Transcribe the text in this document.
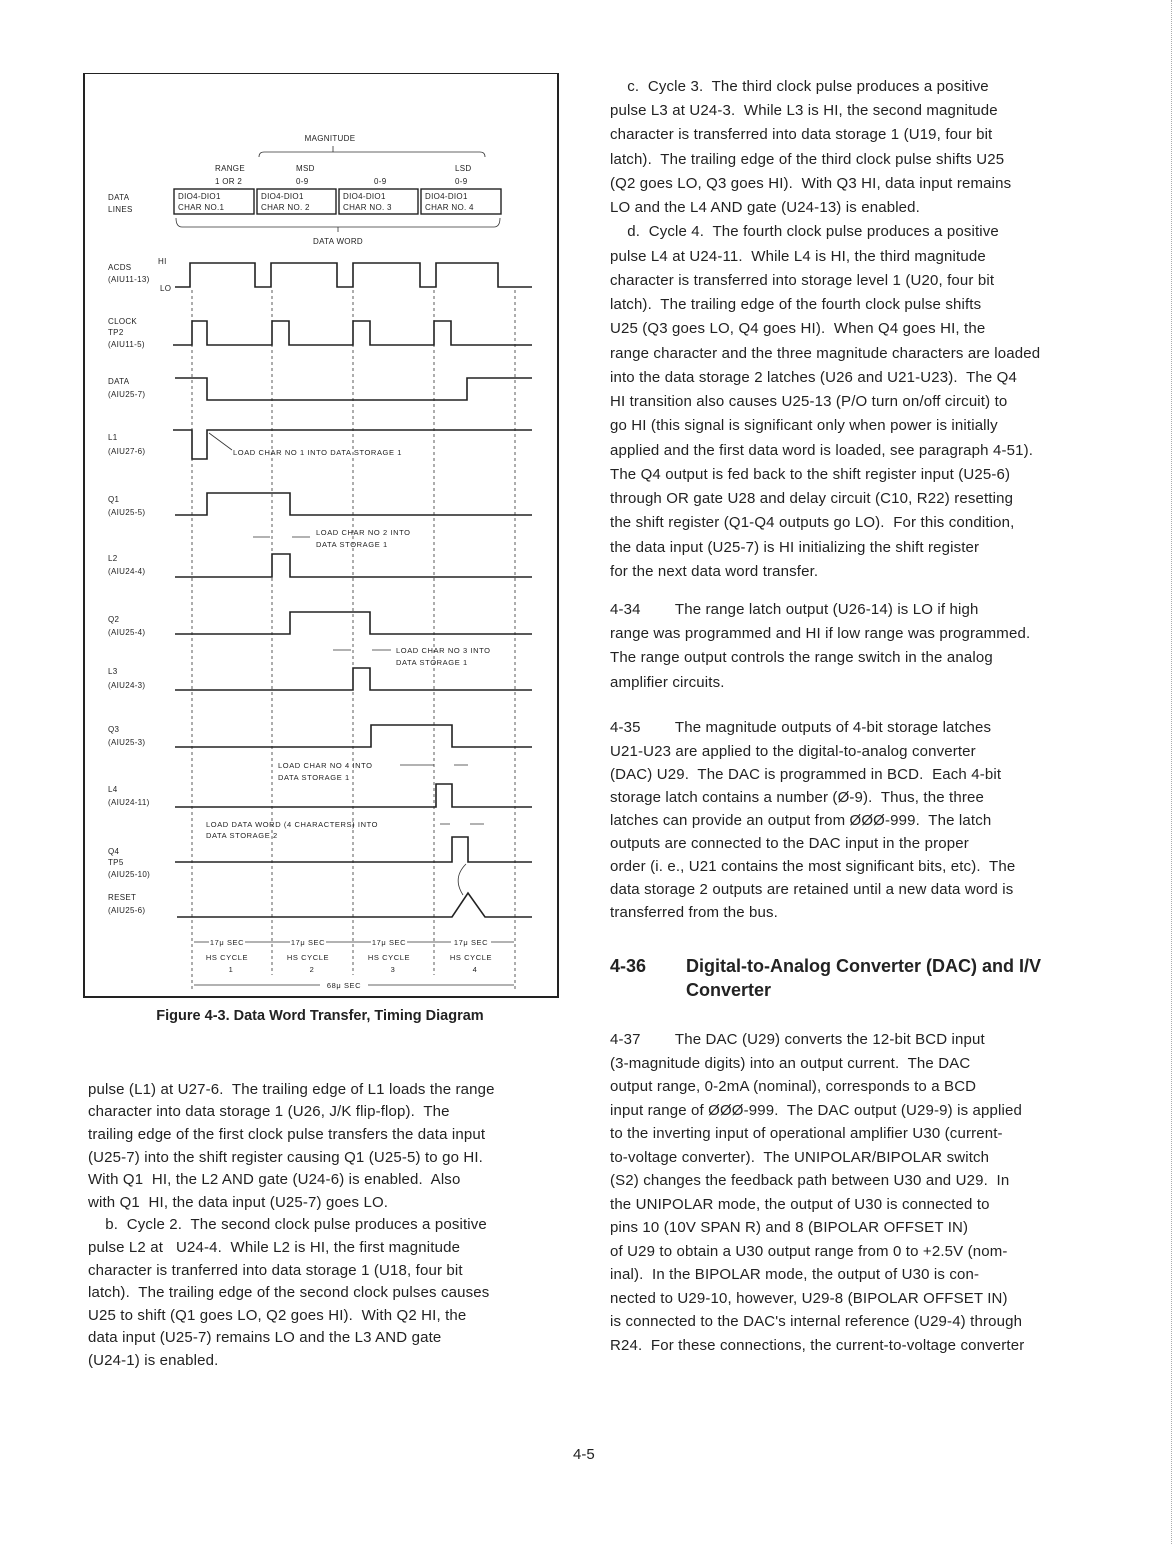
MAGNITUDE
RANGE
1 OR 2
MSD
0-9	0-9
LSD
0-9
DATA
LINES
DIO4-DIO1
CHAR NO.1
DIO4-DIO1
CHAR NO. 2
DIO4-DIO1
CHAR NO. 3
DIO4-DIO1
CHAR NO. 4
DATA WORD
ACDS
(AIU11-13)
HI
LO
CLOCK
TP2
(AIU11-5)
DATA
(AIU25-7)
L1
(AIU27-6)
Q1
(AIU25-5)
L2
(AIU24-4)
Q2
(AIU25-4)
L3
(AIU24-3)
Q3
(AIU25-3)
L4
(AIU24-11)
Q4
TP5
(AIU25-10)
RESET
(AIU25-6)
LOAD CHAR NO 1 INTO DATA STORAGE 1
LOAD CHAR NO 2 INTO
DATA STORAGE 1
LOAD CHAR NO 3 INTO
DATA STORAGE 1
LOAD CHAR NO 4 INTO
DATA STORAGE 1
LOAD DATA WORD (4 CHARACTERS) INTO
DATA STORAGE 2
17μ SEC	17μ SEC	17μ SEC	17μ SEC
HS CYCLE	HS CYCLE	HS CYCLE	HS CYCLE
1	2	3	4
68μ SEC
Figure 4-3. Data Word Transfer, Timing Diagram
pulse (L1) at U27-6.  The trailing edge of L1 loads the range
character into data storage 1 (U26, J/K flip-flop).  The
trailing edge of the first clock pulse transfers the data input
(U25-7) into the shift register causing Q1 (U25-5) to go HI.
With Q1  HI, the L2 AND gate (U24-6) is enabled.  Also
with Q1  HI, the data input (U25-7) goes LO.
b.  Cycle 2.  The second clock pulse produces a positive
pulse L2 at   U24-4.  While L2 is HI, the first magnitude
character is tranferred into data storage 1 (U18, four bit
latch).  The trailing edge of the second clock pulses causes
U25 to shift (Q1 goes LO, Q2 goes HI).  With Q2 HI, the
data input (U25-7) remains LO and the L3 AND gate
(U24-1) is enabled.
c.  Cycle 3.  The third clock pulse produces a positive
pulse L3 at U24-3.  While L3 is HI, the second magnitude
character is transferred into data storage 1 (U19, four bit
latch).  The trailing edge of the third clock pulse shifts U25
(Q2 goes LO, Q3 goes HI).  With Q3 HI, data input remains
LO and the L4 AND gate (U24-13) is enabled.
d.  Cycle 4.  The fourth clock pulse produces a positive
pulse L4 at U24-11.  While L4 is HI, the third magnitude
character is transferred into storage level 1 (U20, four bit
latch).  The trailing edge of the fourth clock pulse shifts
U25 (Q3 goes LO, Q4 goes HI).  When Q4 goes HI, the
range character and the three magnitude characters are loaded
into the data storage 2 latches (U26 and U21-U23).  The Q4
HI transition also causes U25-13 (P/O turn on/off circuit) to
go HI (this signal is significant only when power is initially
applied and the first data word is loaded, see paragraph 4-51).
The Q4 output is fed back to the shift register input (U25-6)
through OR gate U28 and delay circuit (C10, R22) resetting
the shift register (Q1-Q4 outputs go LO).  For this condition,
the data input (U25-7) is HI initializing the shift register
for the next data word transfer.
4-34        The range latch output (U26-14) is LO if high
range was programmed and HI if low range was programmed.
The range output controls the range switch in the analog
amplifier circuits.
4-35        The magnitude outputs of 4-bit storage latches
U21-U23 are applied to the digital-to-analog converter
(DAC) U29.  The DAC is programmed in BCD.  Each 4-bit
storage latch contains a number (Ø-9).  Thus, the three
latches can provide an output from ØØØ-999.  The latch
outputs are connected to the DAC input in the proper
order (i. e., U21 contains the most significant bits, etc).  The
data storage 2 outputs are retained until a new data word is
transferred from the bus.
4-36 Digital-to-Analog Converter (DAC) and I/V
Converter
4-37        The DAC (U29) converts the 12-bit BCD input
(3-magnitude digits) into an output current.  The DAC
output range, 0-2mA (nominal), corresponds to a BCD
input range of ØØØ-999.  The DAC output (U29-9) is applied
to the inverting input of operational amplifier U30 (current-
to-voltage converter).  The UNIPOLAR/BIPOLAR switch
(S2) changes the feedback path between U30 and U29.  In
the UNIPOLAR mode, the output of U30 is connected to
pins 10 (10V SPAN R) and 8 (BIPOLAR OFFSET IN)
of U29 to obtain a U30 output range from 0 to +2.5V (nom-
inal).  In the BIPOLAR mode, the output of U30 is con-
nected to U29-10, however, U29-8 (BIPOLAR OFFSET IN)
is connected to the DAC's internal reference (U29-4) through
R24.  For these connections, the current-to-voltage converter
4-5
